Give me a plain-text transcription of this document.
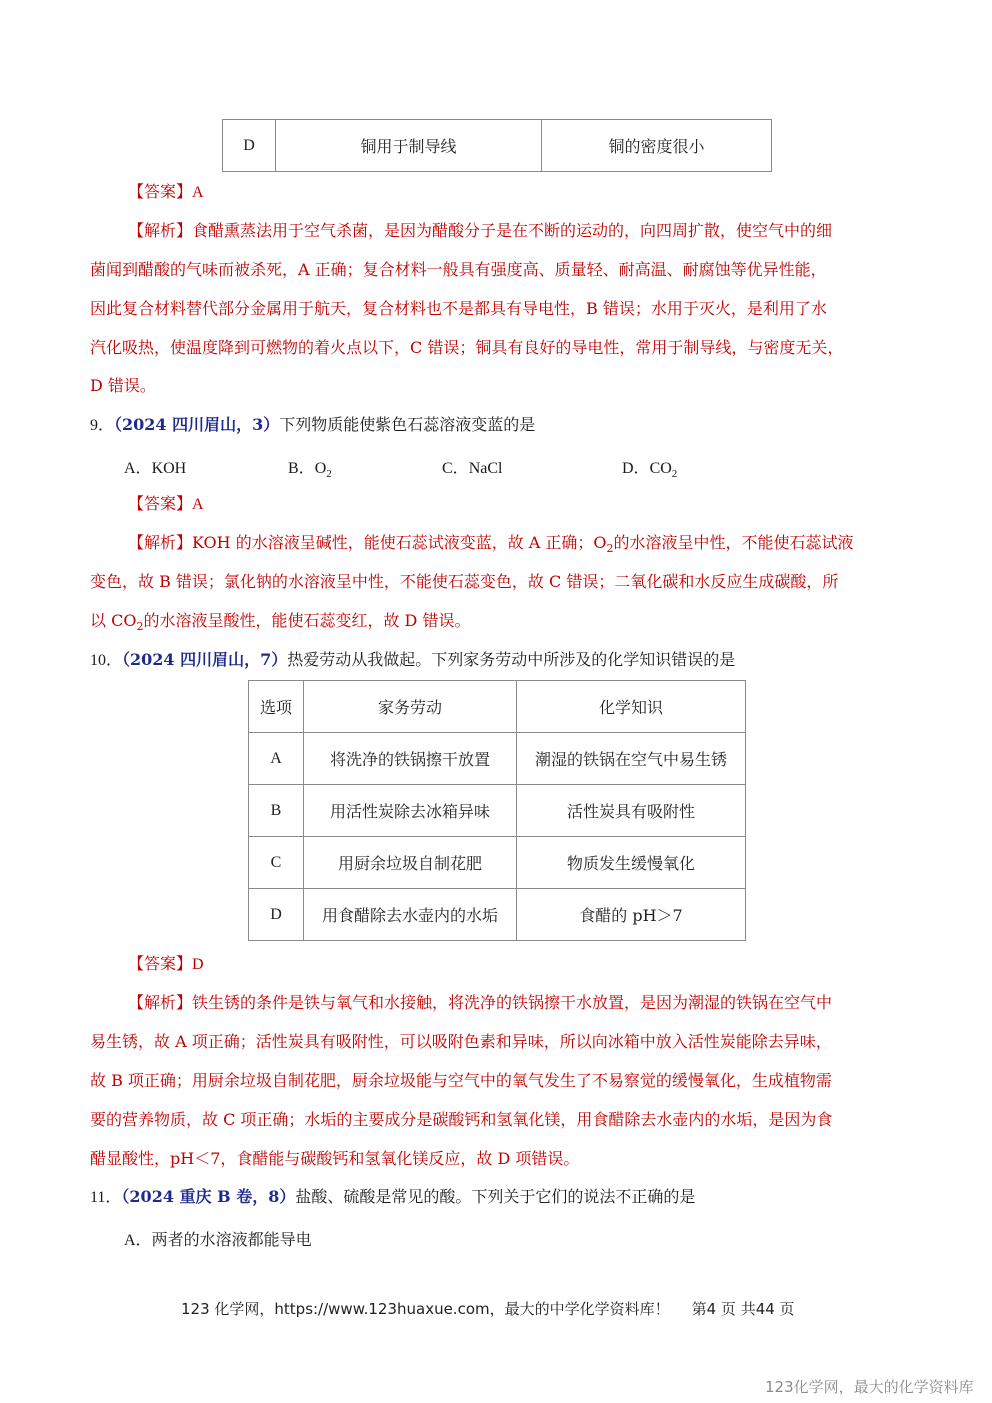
D	铜用于制导线	铜的密度很小
【答案】A
【解析】食醋熏蒸法用于空气杀菌，是因为醋酸分子是在不断的运动的，向四周扩散，使空气中的细
菌闻到醋酸的气味而被杀死，A 正确；复合材料一般具有强度高、质量轻、耐高温、耐腐蚀等优异性能，
因此复合材料替代部分金属用于航天，复合材料也不是都具有导电性，B 错误；水用于灭火，是利用了水
汽化吸热，使温度降到可燃物的着火点以下，C 错误；铜具有良好的导电性，常用于制导线，与密度无关，
D 错误。
9．（2024 四川眉山，3）下列物质能使紫色石蕊溶液变蓝的是
A．KOH	B．$O_2$	C．NaCl	D．$CO_2$
【答案】A
【解析】KOH 的水溶液呈碱性，能使石蕊试液变蓝，故 A 正确；$O_2$的水溶液呈中性，不能使石蕊试液
变色，故 B 错误；氯化钠的水溶液呈中性，不能使石蕊变色，故 C 错误；二氧化碳和水反应生成碳酸，所
以 $CO_2$的水溶液呈酸性，能使石蕊变红，故 D 错误。
10．（2024 四川眉山，7）热爱劳动从我做起。下列家务劳动中所涉及的化学知识错误的是
选项	家务劳动	化学知识
A	将洗净的铁锅擦干放置	潮湿的铁锅在空气中易生锈
B	用活性炭除去冰箱异味	活性炭具有吸附性
C	用厨余垃圾自制花肥	物质发生缓慢氧化
D	用食醋除去水壶内的水垢	食醋的 pH＞7
【答案】D
【解析】铁生锈的条件是铁与氧气和水接触，将洗净的铁锅擦干水放置，是因为潮湿的铁锅在空气中
易生锈，故 A 项正确；活性炭具有吸附性，可以吸附色素和异味，所以向冰箱中放入活性炭能除去异味，
故 B 项正确；用厨余垃圾自制花肥，厨余垃圾能与空气中的氧气发生了不易察觉的缓慢氧化，生成植物需
要的营养物质，故 C 项正确；水垢的主要成分是碳酸钙和氢氧化镁，用食醋除去水壶内的水垢，是因为食
醋显酸性，pH＜7，食醋能与碳酸钙和氢氧化镁反应，故 D 项错误。
11．（2024 重庆 B 卷，8）盐酸、硫酸是常见的酸。下列关于它们的说法不正确的是
A．两者的水溶液都能导电
123 化学网，https://www.123huaxue.com，最大的中学化学资料库！ 第4 页 共44 页
123化学网，最大的化学资料库
